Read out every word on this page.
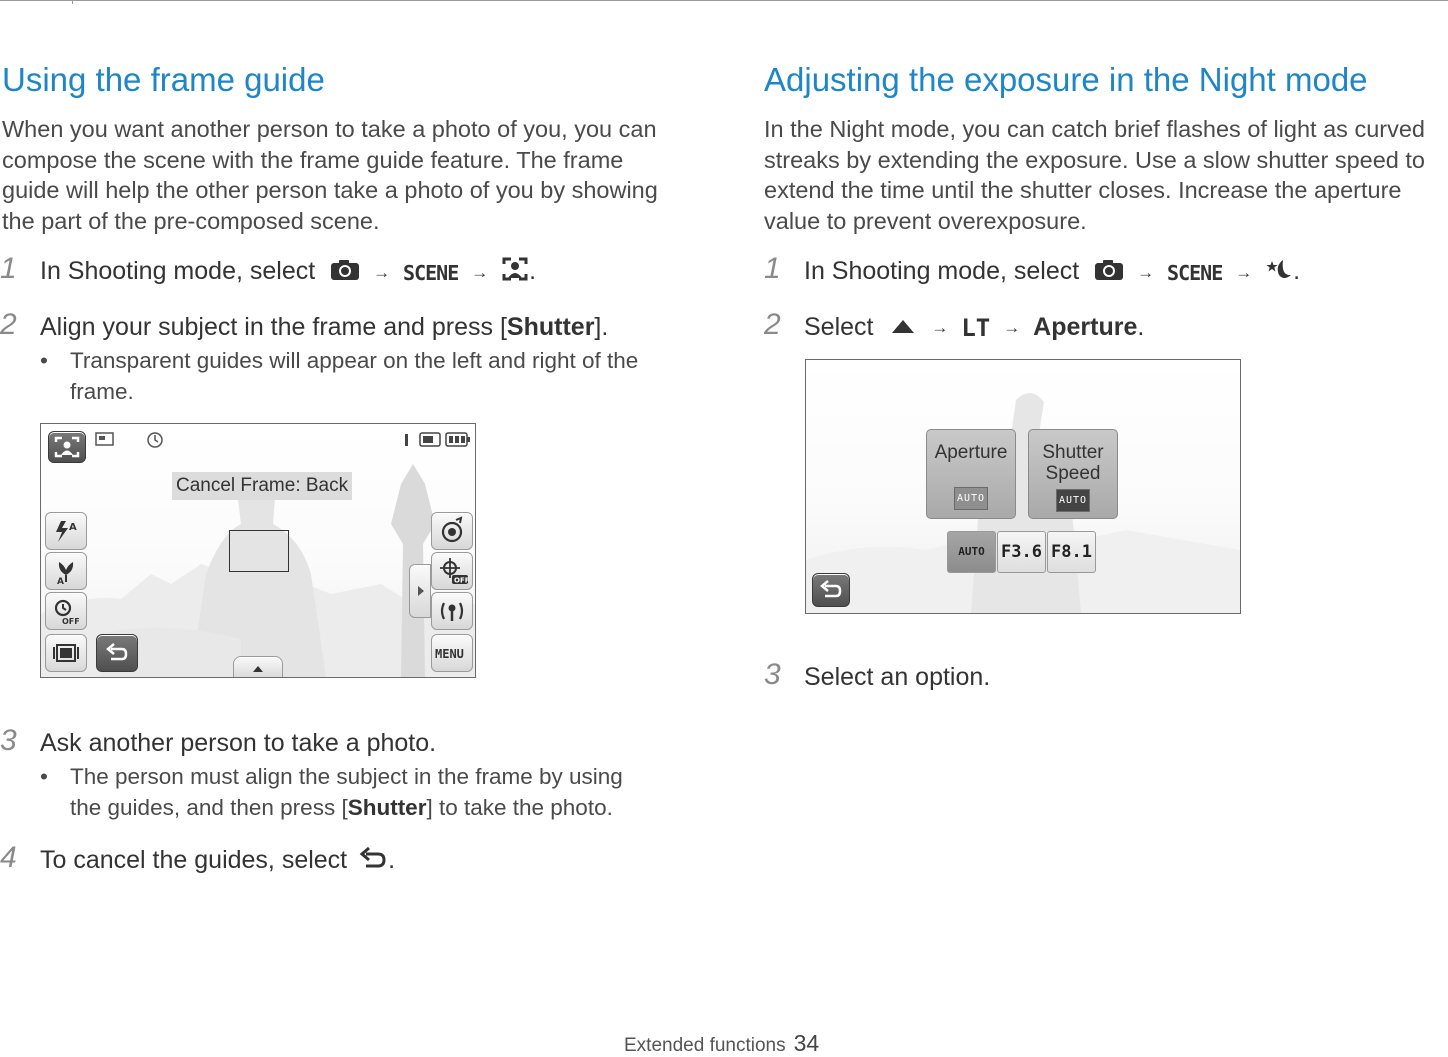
Using the frame guide

When you want another person to take a photo of you, you can compose the scene with the frame guide feature. The frame guide will help the other person take a photo of you by showing the part of the pre-composed scene.

1 In Shooting mode, select	→ SCENE → .
2 Align your subject in the frame and press [Shutter].
• Transparent guides will appear on the left and right of the frame.
Cancel Frame: Back
A
A
OFF
OFF
MENU
3 Ask another person to take a photo.
• The person must align the subject in the frame by using the guides, and then press [Shutter] to take the photo.
4 To cancel the guides, select .
Adjusting the exposure in the Night mode

In the Night mode, you can catch brief flashes of light as curved streaks by extending the exposure. Use a slow shutter speed to extend the time until the shutter closes. Increase the aperture value to prevent overexposure.

1 In Shooting mode, select	→ SCENE → .
2 Select	→ LT → Aperture.
Aperture
AUTO
Shutter Speed
AUTO
AUTO F3.6 F8.1
3 Select an option.
Extended functions 34
